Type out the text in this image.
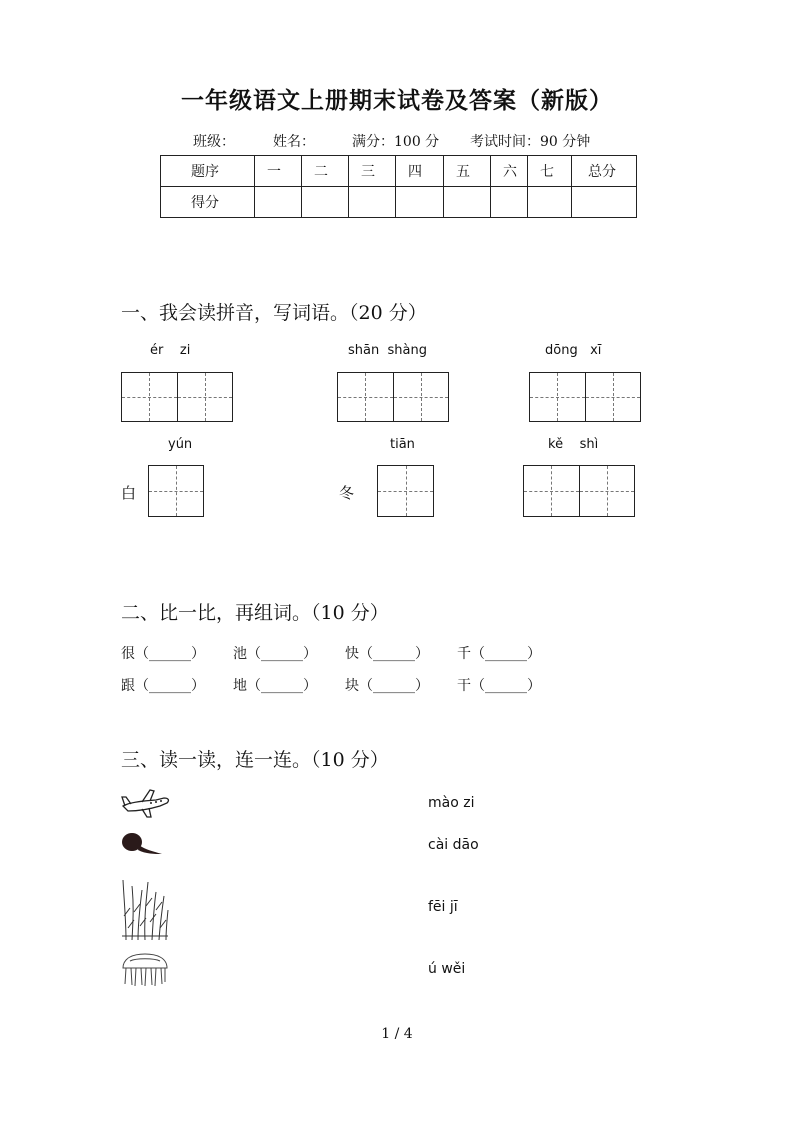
一年级语文上册期末试卷及答案（新版）
班级：	姓名：	满分：100 分 考试时间：90 分钟
题序	一	二	三	四	五	六	七	总分
得分								
一、我会读拼音，写词语。（20 分）
ér    zi	shān  shàng	dōng   xī
yún	tiān	kě    shì
白	冬
二、比一比，再组词。（10 分）
很（______） 池（______） 快（______） 千（______）
跟（______） 地（______） 块（______） 干（______）
三、读一读，连一连。（10 分）
mào zi
cài dāo
fēi jī
ú wěi
1 / 4
